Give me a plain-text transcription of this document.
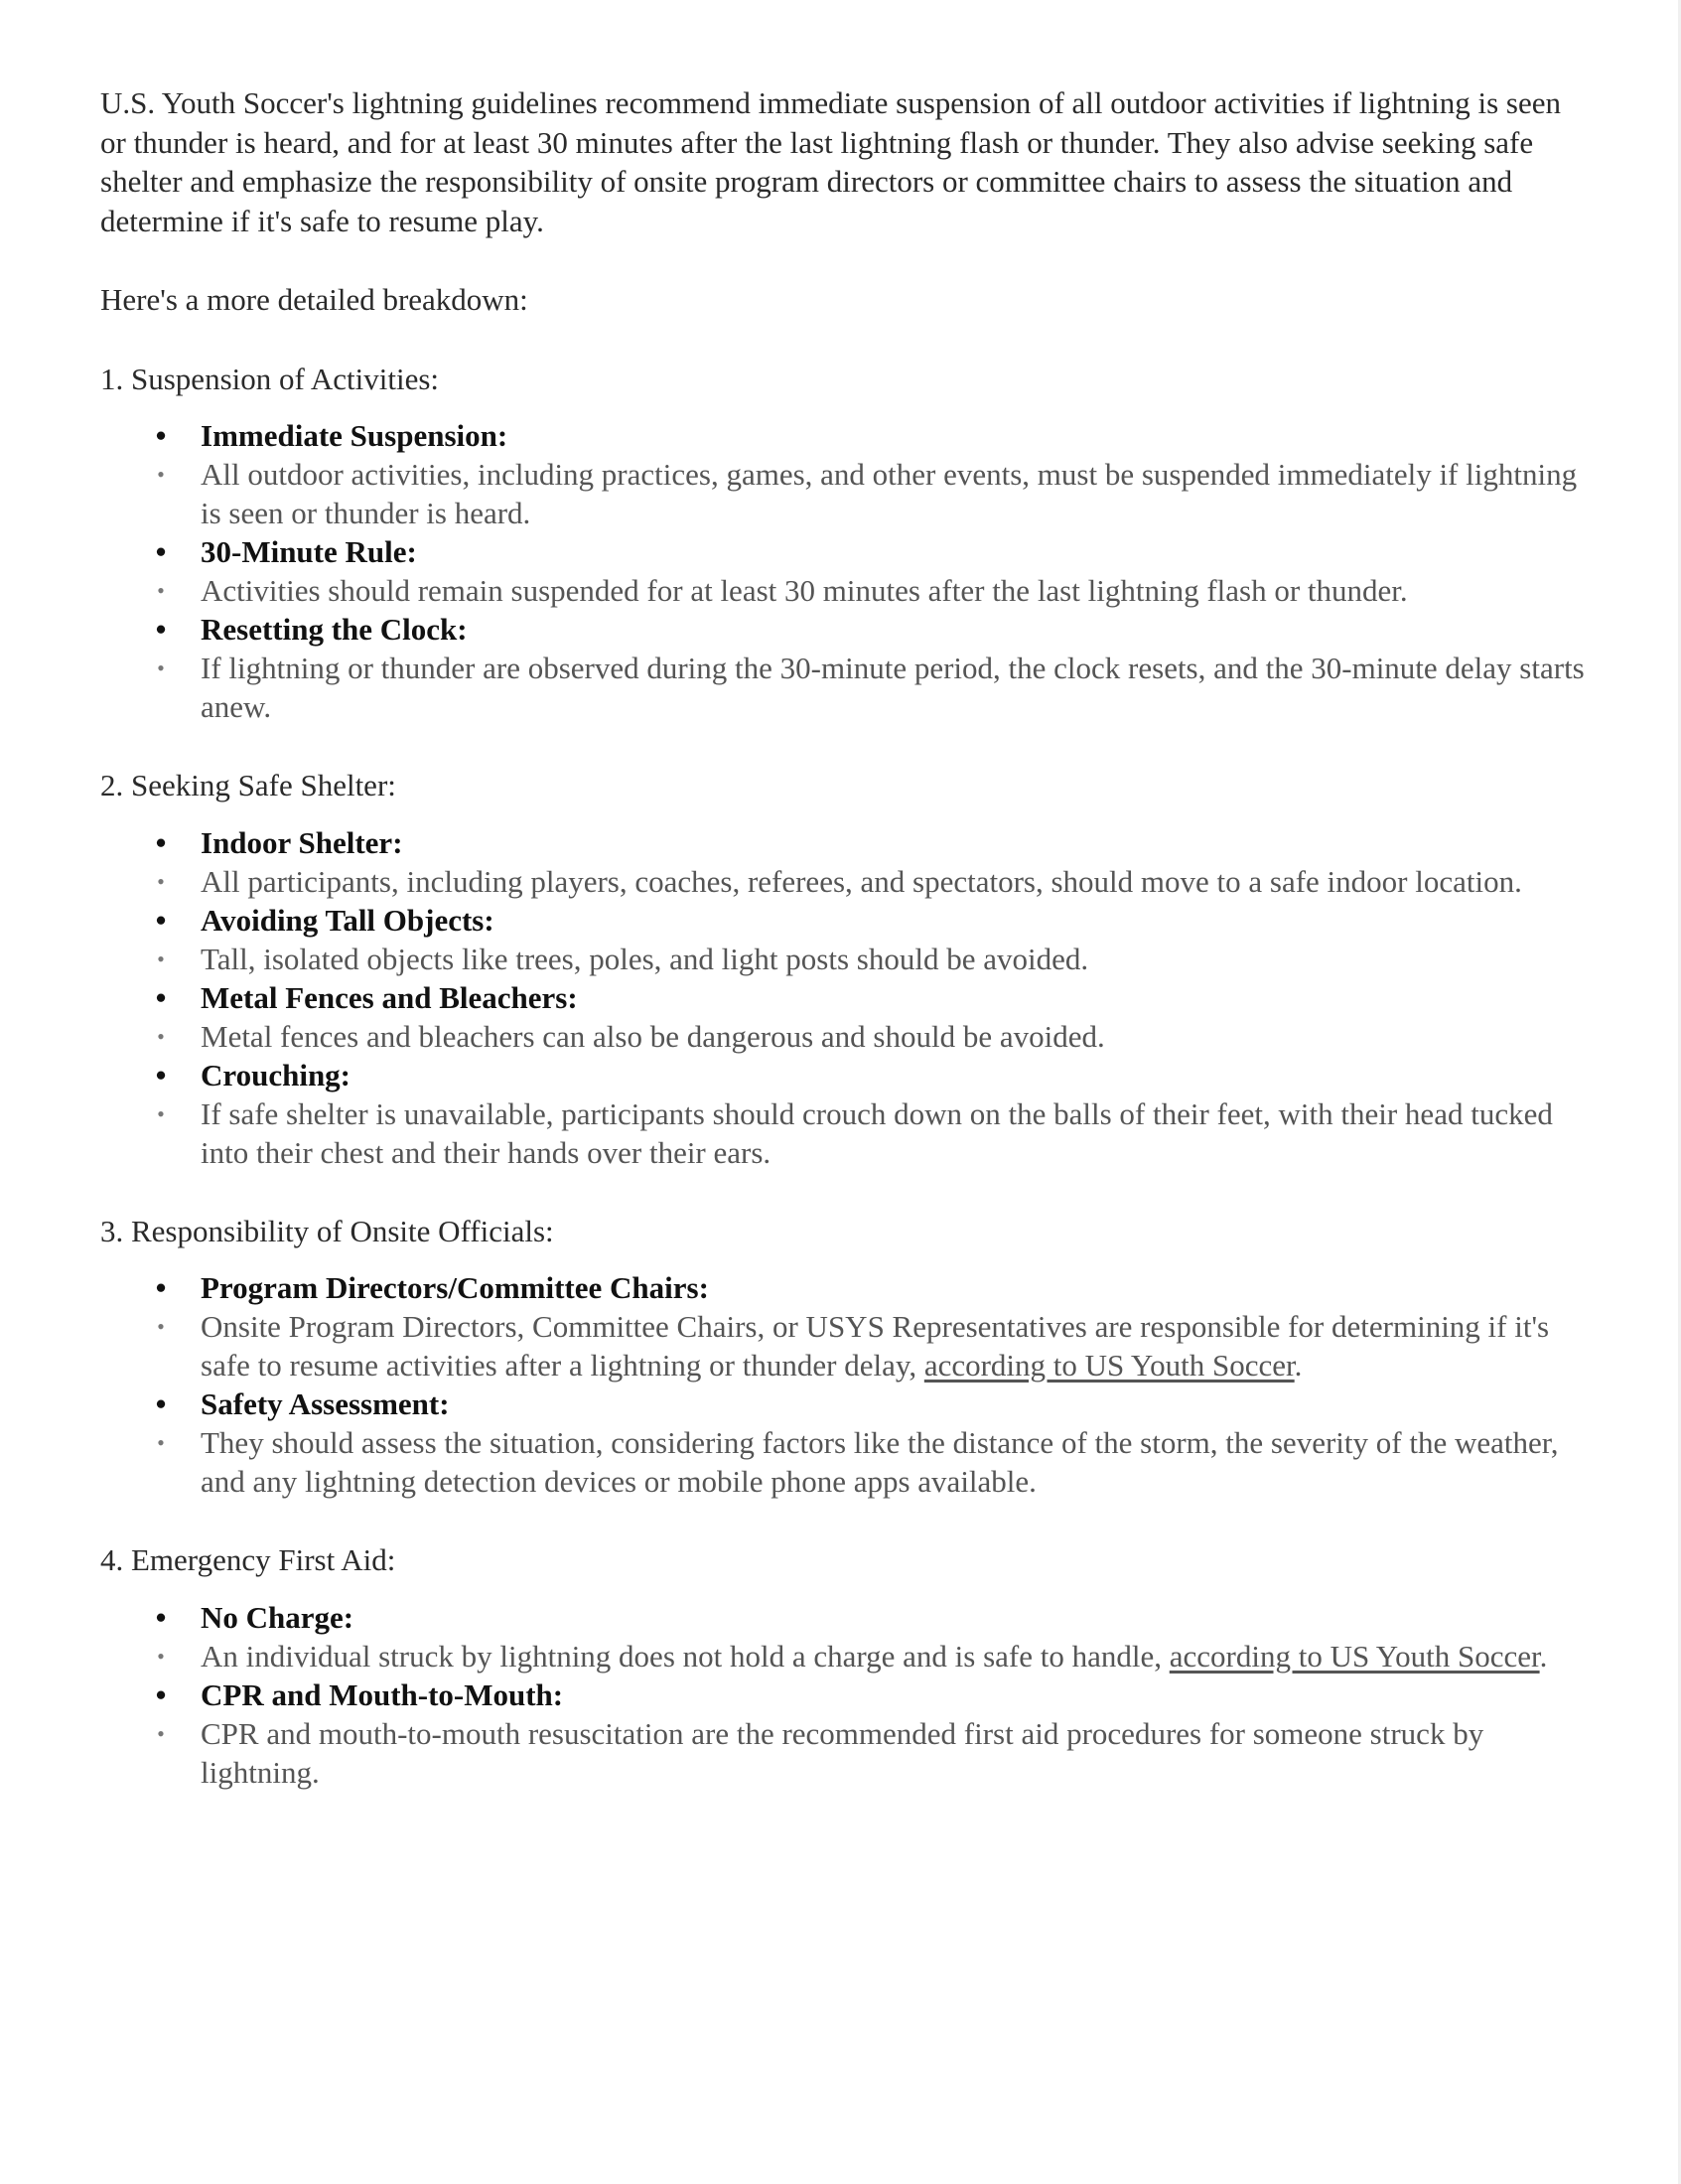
U.S. Youth Soccer's lightning guidelines recommend immediate suspension of all outdoor activities if lightning is seen or thunder is heard, and for at least 30 minutes after the last lightning flash or thunder. They also advise seeking safe shelter and emphasize the responsibility of onsite program directors or committee chairs to assess the situation and determine if it's safe to resume play.

Here's a more detailed breakdown:

1. Suspension of Activities:

• Immediate Suspension:
• All outdoor activities, including practices, games, and other events, must be suspended immediately if lightning is seen or thunder is heard.
• 30-Minute Rule:
• Activities should remain suspended for at least 30 minutes after the last lightning flash or thunder.
• Resetting the Clock:
• If lightning or thunder are observed during the 30-minute period, the clock resets, and the 30-minute delay starts anew.

2. Seeking Safe Shelter:

• Indoor Shelter:
• All participants, including players, coaches, referees, and spectators, should move to a safe indoor location.
• Avoiding Tall Objects:
• Tall, isolated objects like trees, poles, and light posts should be avoided.
• Metal Fences and Bleachers:
• Metal fences and bleachers can also be dangerous and should be avoided.
• Crouching:
• If safe shelter is unavailable, participants should crouch down on the balls of their feet, with their head tucked into their chest and their hands over their ears.

3. Responsibility of Onsite Officials:

• Program Directors/Committee Chairs:
• Onsite Program Directors, Committee Chairs, or USYS Representatives are responsible for determining if it's safe to resume activities after a lightning or thunder delay, according to US Youth Soccer.
• Safety Assessment:
• They should assess the situation, considering factors like the distance of the storm, the severity of the weather, and any lightning detection devices or mobile phone apps available.

4. Emergency First Aid:

• No Charge:
• An individual struck by lightning does not hold a charge and is safe to handle, according to US Youth Soccer.
• CPR and Mouth-to-Mouth:
• CPR and mouth-to-mouth resuscitation are the recommended first aid procedures for someone struck by lightning.
